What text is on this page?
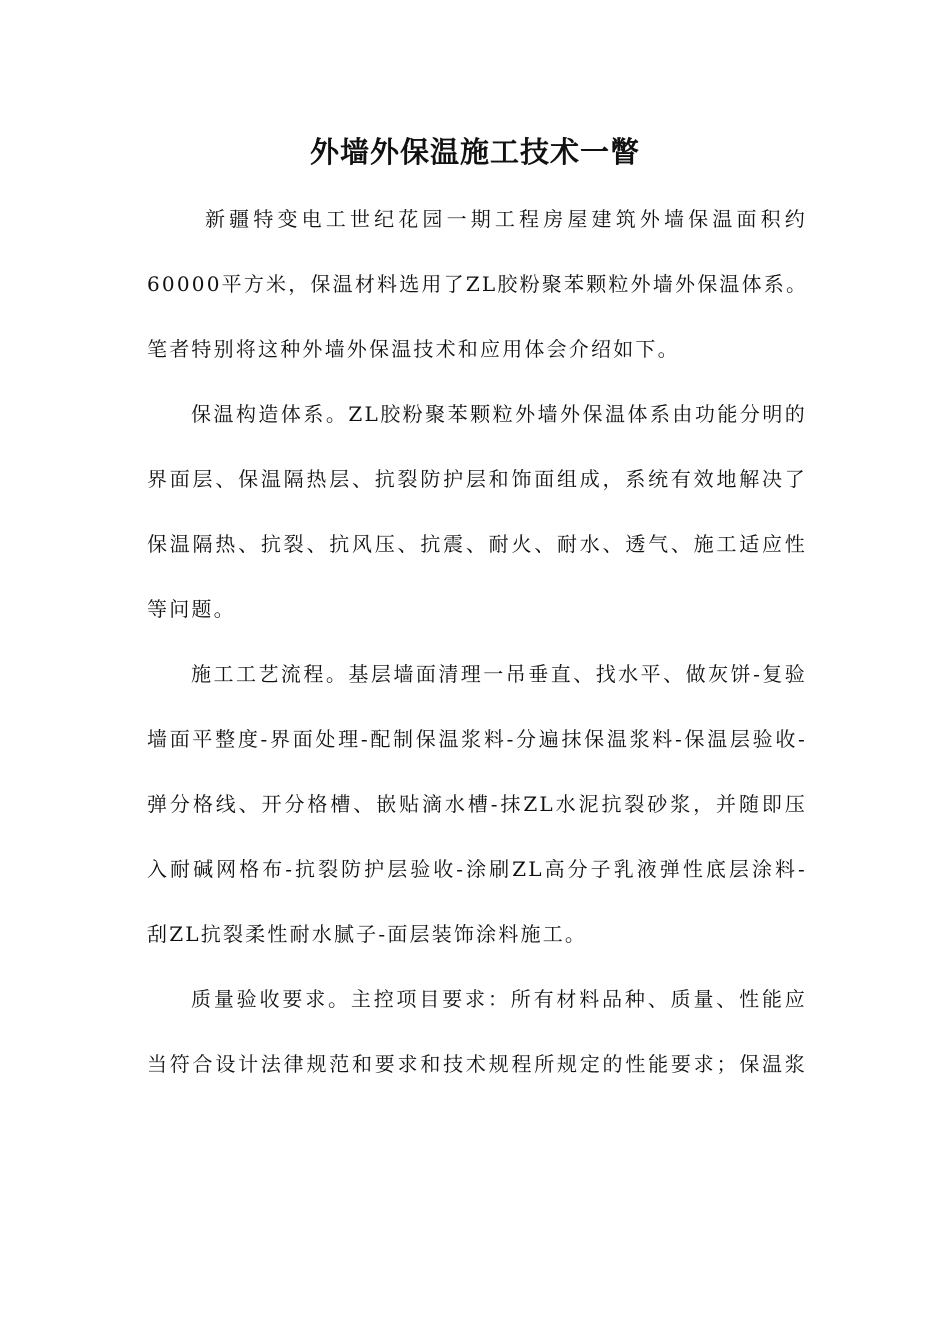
外墙外保温施工技术一瞥
新疆特变电工世纪花园一期工程房屋建筑外墙保温面积约
60000平方米，保温材料选用了ZL胶粉聚苯颗粒外墙外保温体系。
笔者特别将这种外墙外保温技术和应用体会介绍如下。
保温构造体系。ZL胶粉聚苯颗粒外墙外保温体系由功能分明的
界面层、保温隔热层、抗裂防护层和饰面组成，系统有效地解决了
保温隔热、抗裂、抗风压、抗震、耐火、耐水、透气、施工适应性
等问题。
施工工艺流程。基层墙面清理一吊垂直、找水平、做灰饼-复验
墙面平整度-界面处理-配制保温浆料-分遍抹保温浆料-保温层验收-
弹分格线、开分格槽、嵌贴滴水槽-抹ZL水泥抗裂砂浆，并随即压
入耐碱网格布-抗裂防护层验收-涂刷ZL高分子乳液弹性底层涂料-
刮ZL抗裂柔性耐水腻子-面层装饰涂料施工。
质量验收要求。主控项目要求：所有材料品种、质量、性能应
当符合设计法律规范和要求和技术规程所规定的性能要求；保温浆
